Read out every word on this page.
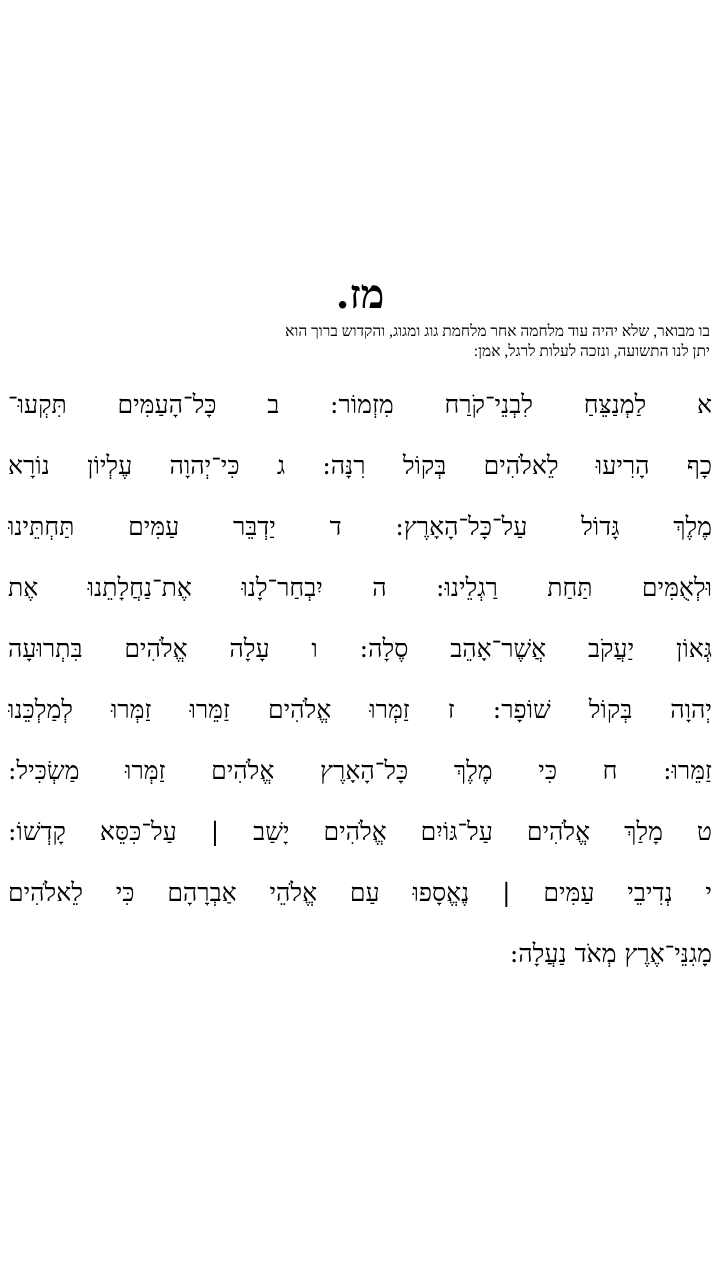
מז.

בו מבואר, שלא יהיה עוד מלחמה אחר מלחמת גוג ומגוג, והקדוש ברוך הוא

יתן לנו התשועה, ונזכה לעלות לרגל, אמן:

א לַמְנַצֵּחַ לִבְנֵי־קֹרַח מִזְמוֹר: ב כָּל־הָעַמִּים תִּקְעוּ־
כָף הָרִיעוּ לֵאלֹהִים בְּקוֹל רִנָּה: ג כִּי־יְהוָה עֶלְיוֹן נוֹרָא
מֶלֶךְ גָּדוֹל עַל־כָּל־הָאָרֶץ: ד יַדְבֵּר עַמִּים תַּחְתֵּינוּ
וּלְאֻמִּים תַּחַת רַגְלֵינוּ: ה יִבְחַר־לָנוּ אֶת־נַחֲלָתֵנוּ אֶת
גְּאוֹן יַעֲקֹב אֲשֶׁר־אָהֵב סֶלָה: ו עָלָה אֱלֹהִים בִּתְרוּעָה
יְהוָה בְּקוֹל שׁוֹפָר: ז זַמְּרוּ אֱלֹהִים זַמֵּרוּ זַמְּרוּ לְמַלְכֵּנוּ
זַמֵּרוּ: ח כִּי מֶלֶךְ כָּל־הָאָרֶץ אֱלֹהִים זַמְּרוּ מַשְׂכִּיל:
ט מָלַךְ אֱלֹהִים עַל־גּוֹיִם אֱלֹהִים יָשַׁב | עַל־כִּסֵּא קָדְשׁוֹ:
י נְדִיבֵי עַמִּים | נֶאֱסָפוּ עַם אֱלֹהֵי אַבְרָהָם כִּי לֵאלֹהִים
מָגִנֵּי־אֶרֶץ מְאֹד נַעֲלָה:
